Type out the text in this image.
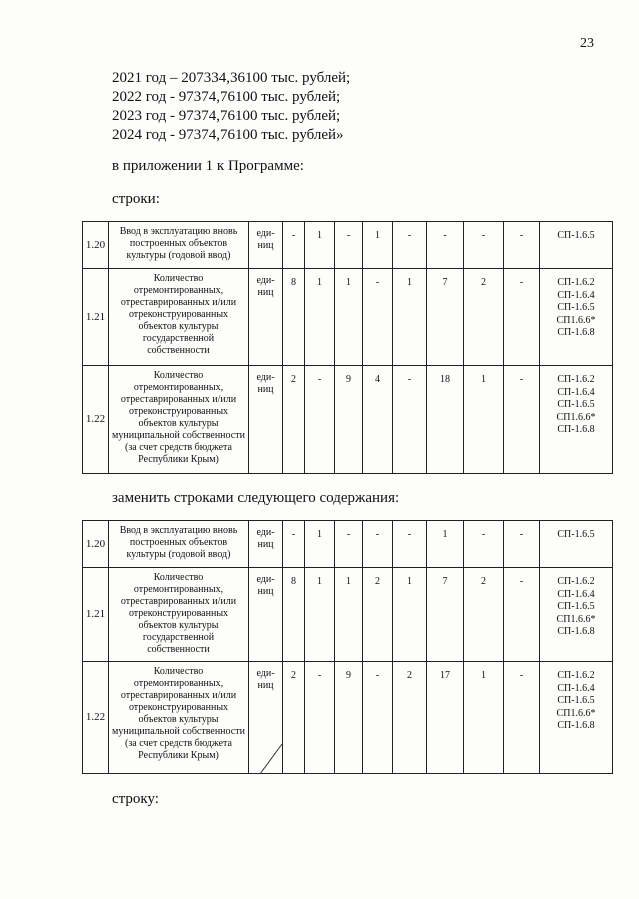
23
2021 год – 207334,36100 тыс. рублей;
2022 год - 97374,76100 тыс. рублей;
2023 год - 97374,76100 тыс. рублей;
2024 год - 97374,76100 тыс. рублей»
в приложении 1 к Программе:
строки:
1.20	Ввод в эксплуатацию вновь построенных объектов культуры (годовой ввод)	еди-ниц	-	1	-	1	-	-	-	-	СП-1.6.5

1.21	Количество отремонтированных, отреставрированных и/или отреконструированных объектов культуры государственной собственности	еди-ниц	8	1	1	-	1	7	2	-	СП-1.6.2
СП-1.6.4
СП-1.6.5
СП1.6.6*
СП-1.6.8

1.22	Количество отремонтированных, отреставрированных и/или отреконструированных объектов культуры муниципальной собственности (за счет средств бюджета Республики Крым)	еди-ниц	2	-	9	4	-	18	1	-	СП-1.6.2
СП-1.6.4
СП-1.6.5
СП1.6.6*
СП-1.6.8
заменить строками следующего содержания:
1.20	Ввод в эксплуатацию вновь построенных объектов культуры (годовой ввод)	еди-ниц	-	1	-	-	-	1	-	-	СП-1.6.5

1.21	Количество отремонтированных, отреставрированных и/или отреконструированных объектов культуры государственной собственности	еди-ниц	8	1	1	2	1	7	2	-	СП-1.6.2
СП-1.6.4
СП-1.6.5
СП1.6.6*
СП-1.6.8

1.22	Количество отремонтированных, отреставрированных и/или отреконструированных объектов культуры муниципальной собственности (за счет средств бюджета Республики Крым)	еди-ниц	2	-	9	-	2	17	1	-	СП-1.6.2
СП-1.6.4
СП-1.6.5
СП1.6.6*
СП-1.6.8
строку:
